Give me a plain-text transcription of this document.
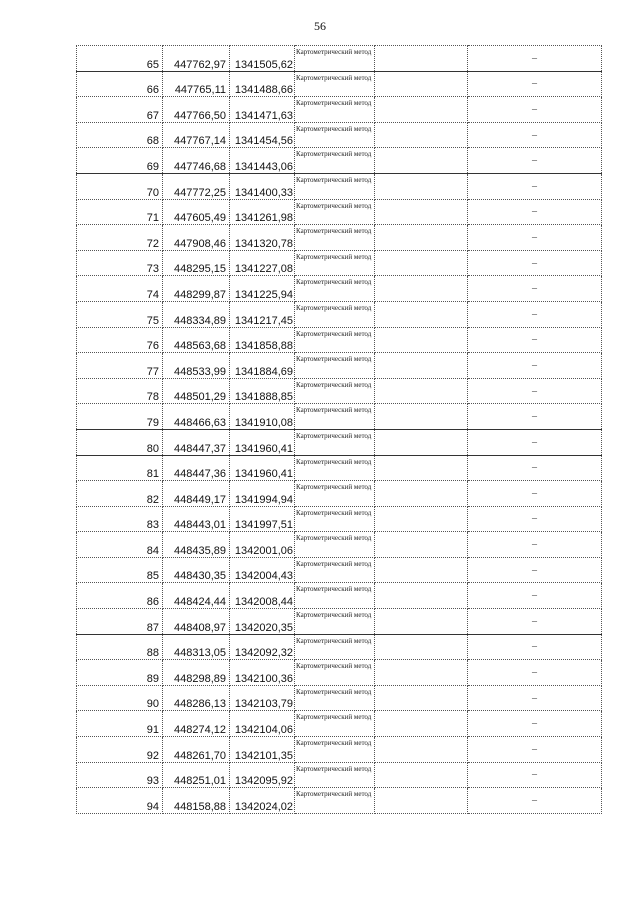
56
65	447762,97	1341505,62	Картометрический метод		–
66	447765,11	1341488,66	Картометрический метод		–
67	447766,50	1341471,63	Картометрический метод		–
68	447767,14	1341454,56	Картометрический метод		–
69	447746,68	1341443,06	Картометрический метод		–
70	447772,25	1341400,33	Картометрический метод		–
71	447605,49	1341261,98	Картометрический метод		–
72	447908,46	1341320,78	Картометрический метод		–
73	448295,15	1341227,08	Картометрический метод		–
74	448299,87	1341225,94	Картометрический метод		–
75	448334,89	1341217,45	Картометрический метод		–
76	448563,68	1341858,88	Картометрический метод		–
77	448533,99	1341884,69	Картометрический метод		–
78	448501,29	1341888,85	Картометрический метод		–
79	448466,63	1341910,08	Картометрический метод		–
80	448447,37	1341960,41	Картометрический метод		–
81	448447,36	1341960,41	Картометрический метод		–
82	448449,17	1341994,94	Картометрический метод		–
83	448443,01	1341997,51	Картометрический метод		–
84	448435,89	1342001,06	Картометрический метод		–
85	448430,35	1342004,43	Картометрический метод		–
86	448424,44	1342008,44	Картометрический метод		–
87	448408,97	1342020,35	Картометрический метод		–
88	448313,05	1342092,32	Картометрический метод		–
89	448298,89	1342100,36	Картометрический метод		–
90	448286,13	1342103,79	Картометрический метод		–
91	448274,12	1342104,06	Картометрический метод		–
92	448261,70	1342101,35	Картометрический метод		–
93	448251,01	1342095,92	Картометрический метод		–
94	448158,88	1342024,02	Картометрический метод		–
